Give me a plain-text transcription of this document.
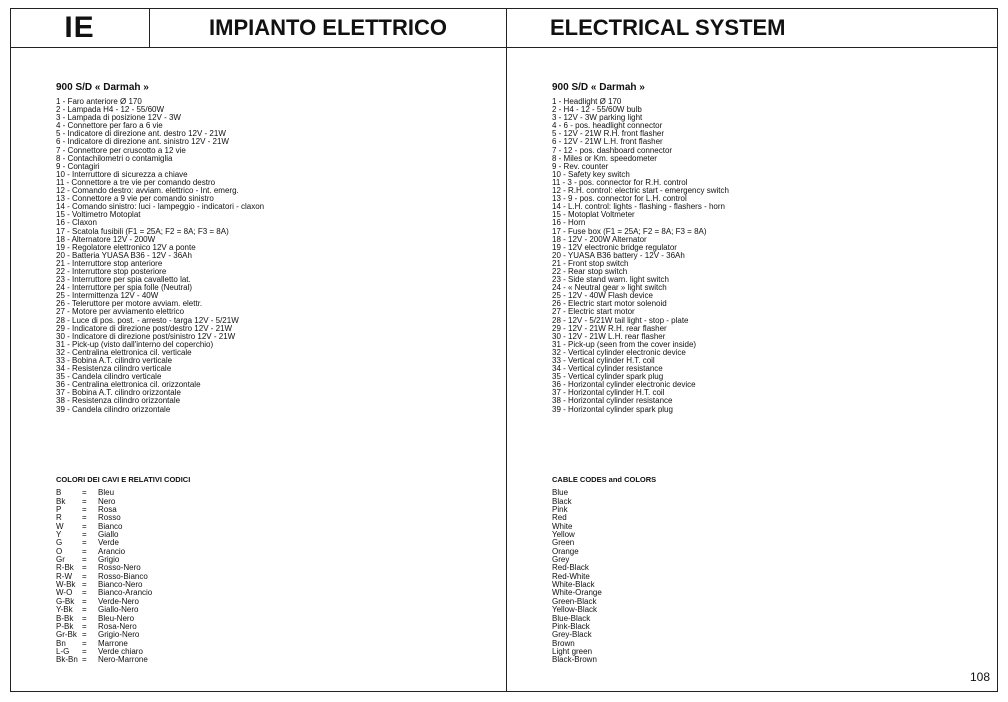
IE	IMPIANTO ELETTRICO	ELECTRICAL SYSTEM
900 S/D « Darmah »
1 - Faro anteriore Ø 170
2 - Lampada H4 - 12 - 55/60W
3 - Lampada di posizione 12V - 3W
4 - Connettore per faro a 6 vie
5 - Indicatore di direzione ant. destro 12V - 21W
6 - Indicatore di direzione ant. sinistro 12V - 21W
7 - Connettore per cruscotto a 12 vie
8 - Contachilometri o contamiglia
9 - Contagiri
10 - Interruttore di sicurezza a chiave
11 - Connettore a tre vie per comando destro
12 - Comando destro: avviam. elettrico - Int. emerg.
13 - Connettore a 9 vie per comando sinistro
14 - Comando sinistro: luci - lampeggio - indicatori - claxon
15 - Voltimetro Motoplat
16 - Claxon
17 - Scatola fusibili (F1 = 25A; F2 = 8A; F3 = 8A)
18 - Alternatore 12V - 200W
19 - Regolatore elettronico 12V a ponte
20 - Batteria YUASA B36 - 12V - 36Ah
21 - Interruttore stop anteriore
22 - Interruttore stop posteriore
23 - Interruttore per spia cavalletto lat.
24 - Interruttore per spia folle (Neutral)
25 - Intermittenza 12V - 40W
26 - Teleruttore per motore avviam. elettr.
27 - Motore per avviamento elettrico
28 - Luce di pos. post. - arresto - targa 12V - 5/21W
29 - Indicatore di direzione post/destro 12V - 21W
30 - Indicatore di direzione post/sinistro 12V - 21W
31 - Pick-up (visto dall'interno del coperchio)
32 - Centralina elettronica cil. verticale
33 - Bobina A.T. cilindro verticale
34 - Resistenza cilindro verticale
35 - Candela cilindro verticale
36 - Centralina elettronica cil. orizzontale
37 - Bobina A.T. cilindro orizzontale
38 - Resistenza cilindro orizzontale
39 - Candela cilindro orizzontale
900 S/D « Darmah »
1 - Headlight Ø 170
2 - H4 - 12 - 55/60W bulb
3 - 12V - 3W parking light
4 - 6 - pos. headlight connector
5 - 12V - 21W R.H. front flasher
6 - 12V - 21W L.H. front flasher
7 - 12 - pos. dashboard connector
8 - Miles or Km. speedometer
9 - Rev. counter
10 - Safety key switch
11 - 3 - pos. connector for R.H. control
12 - R.H. control: electric start - emergency switch
13 - 9 - pos. connector for L.H. control
14 - L.H. control: lights - flashing - flashers - horn
15 - Motoplat Voltmeter
16 - Horn
17 - Fuse box (F1 = 25A; F2 = 8A; F3 = 8A)
18 - 12V - 200W Alternator
19 - 12V electronic bridge regulator
20 - YUASA B36 battery - 12V - 36Ah
21 - Front stop switch
22 - Rear stop switch
23 - Side stand warn. light switch
24 - « Neutral gear » light switch
25 - 12V - 40W Flash device
26 - Electric start motor solenoid
27 - Electric start motor
28 - 12V - 5/21W tail light - stop - plate
29 - 12V - 21W R.H. rear flasher
30 - 12V - 21W L.H. rear flasher
31 - Pick-up (seen from the cover inside)
32 - Vertical cylinder electronic device
33 - Vertical cylinder H.T. coil
34 - Vertical cylinder resistance
35 - Vertical cylinder spark plug
36 - Horizontal cylinder electronic device
37 - Horizontal cylinder H.T. coil
38 - Horizontal cylinder resistance
39 - Horizontal cylinder spark plug
COLORI DEI CAVI E RELATIVI CODICI
B	=	Bleu
Bk	=	Nero
P	=	Rosa
R	=	Rosso
W	=	Bianco
Y	=	Giallo
G	=	Verde
O	=	Arancio
Gr	=	Grigio
R-Bk	=	Rosso-Nero
R-W	=	Rosso-Bianco
W-Bk =	Bianco-Nero
W-O	=	Bianco-Arancio
G-Bk =	Verde-Nero
Y-Bk	=	Giallo-Nero
B-Bk	=	Bleu-Nero
P-Bk	=	Rosa-Nero
Gr-Bk =	Grigio-Nero
Bn	=	Marrone
L-G	=	Verde chiaro
Bk-Bn =	Nero-Marrone
CABLE CODES and COLORS
Blue
Black
Pink
Red
White
Yellow
Green
Orange
Grey
Red-Black
Red-White
White-Black
White-Orange
Green-Black
Yellow-Black
Blue-Black
Pink-Black
Grey-Black
Brown
Light green
Black-Brown
108
